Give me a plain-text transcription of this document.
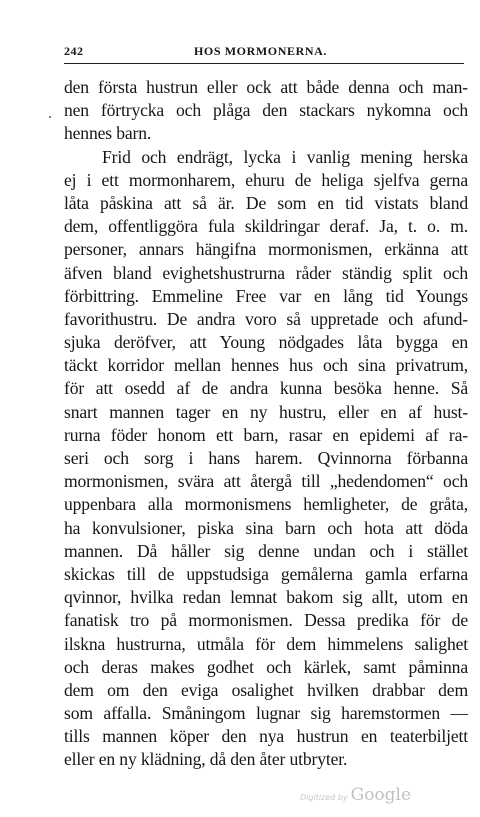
242	HOS MORMONERNA.
den första hustrun eller ock att både denna och man-
nen förtrycka och plåga den stackars nykomna och
hennes barn.
Frid och endrägt, lycka i vanlig mening herska
ej i ett mormonharem, ehuru de heliga sjelfva gerna
låta påskina att så är. De som en tid vistats bland
dem, offentliggöra fula skildringar deraf. Ja, t. o. m.
personer, annars hängifna mormonismen, erkänna att
äfven bland evighetshustrurna råder ständig split och
förbittring. Emmeline Free var en lång tid Youngs
favorithustru. De andra voro så uppretade och afund-
sjuka deröfver, att Young nödgades låta bygga en
täckt korridor mellan hennes hus och sina privatrum,
för att osedd af de andra kunna besöka henne. Så
snart mannen tager en ny hustru, eller en af hust-
rurna föder honom ett barn, rasar en epidemi af ra-
seri och sorg i hans harem. Qvinnorna förbanna
mormonismen, svära att återgå till „hedendomen“ och
uppenbara alla mormonismens hemligheter, de gråta,
ha konvulsioner, piska sina barn och hota att döda
mannen. Då håller sig denne undan och i stället
skickas till de uppstudsiga gemålerna gamla erfarna
qvinnor, hvilka redan lemnat bakom sig allt, utom en
fanatisk tro på mormonismen. Dessa predika för de
ilskna hustrurna, utmåla för dem himmelens salighet
och deras makes godhet och kärlek, samt påminna
dem om den eviga osalighet hvilken drabbar dem
som affalla. Småningom lugnar sig haremstormen —
tills mannen köper den nya hustrun en teaterbiljett
eller en ny klädning, då den åter utbryter.
Digitized by Google
